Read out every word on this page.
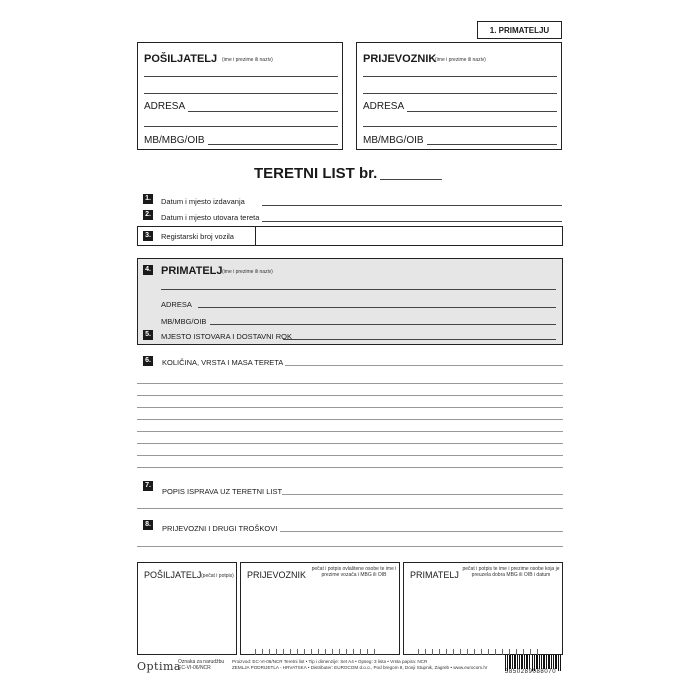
1. PRIMATELJU
POŠILJATELJ (ime i prezime ili naziv)
ADRESA
MB/MBG/OIB
PRIJEVOZNIK
(ime i prezime ili naziv)
ADRESA
MB/MBG/OIB
TERETNI LIST br.
1. Datum i mjesto izdavanja
2. Datum i mjesto utovara tereta
3. Registarski broj vozila
4. PRIMATELJ (ime i prezime ili naziv)
ADRESA
MB/MBG/OIB
5. MJESTO ISTOVARA I DOSTAVNI ROK
6. KOLIČINA, VRSTA I MASA TERETA
7.
POPIS ISPRAVA UZ TERETNI LIST
8. PRIJEVOZNI I DRUGI TROŠKOVI
POŠILJATELJ (pečat i potpis) PRIJEVOZNIK
pečat i potpis ovlaštene osobe te ime i prezime vozača i MBG ili OIB	PRIMATELJ
pečat i potpis te ime i prezime osobe koja je preuzela dobra MBG ili OIB i datum
Optima
Oznaka za narudžbu
EC-VI-06/NCR
Proizvod: EC-VI-06/NCR Teretni list • Tip i dimenzije: Set A4 • Opseg: 3 lista • Vrsta papira: NCR
ZEMLJA PODRIJETLA - HRVATSKA • Distributer: EUROCOM d.o.o., Pod bregom 8, Donji Stupnik, Zagreb • www.eurocom.hr
3850289088070
